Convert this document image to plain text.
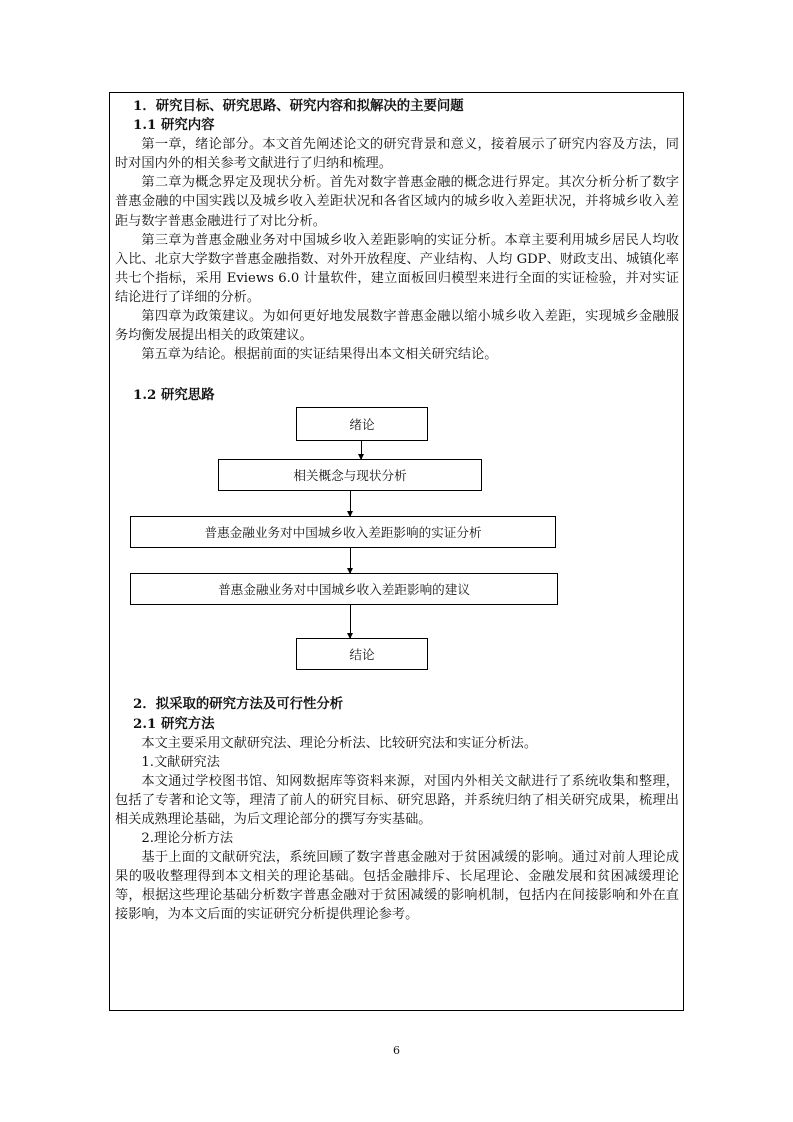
1．研究目标、研究思路、研究内容和拟解决的主要问题
1.1 研究内容

第一章，绪论部分。本文首先阐述论文的研究背景和意义，接着展示了研究内容及方法，同时对国内外的相关参考文献进行了归纳和梳理。

第二章为概念界定及现状分析。首先对数字普惠金融的概念进行界定。其次分析分析了数字普惠金融的中国实践以及城乡收入差距状况和各省区域内的城乡收入差距状况，并将城乡收入差距与数字普惠金融进行了对比分析。

第三章为普惠金融业务对中国城乡收入差距影响的实证分析。本章主要利用城乡居民人均收入比、北京大学数字普惠金融指数、对外开放程度、产业结构、人均 GDP、财政支出、城镇化率共七个指标，采用 Eviews 6.0 计量软件，建立面板回归模型来进行全面的实证检验，并对实证结论进行了详细的分析。

第四章为政策建议。为如何更好地发展数字普惠金融以缩小城乡收入差距，实现城乡金融服务均衡发展提出相关的政策建议。

第五章为结论。根据前面的实证结果得出本文相关研究结论。

1.2 研究思路
绪论
相关概念与现状分析
普惠金融业务对中国城乡收入差距影响的实证分析
普惠金融业务对中国城乡收入差距影响的建议
结论
2．拟采取的研究方法及可行性分析
2.1 研究方法

本文主要采用文献研究法、理论分析法、比较研究法和实证分析法。

1.文献研究法

本文通过学校图书馆、知网数据库等资料来源，对国内外相关文献进行了系统收集和整理，包括了专著和论文等，理清了前人的研究目标、研究思路，并系统归纳了相关研究成果，梳理出相关成熟理论基础，为后文理论部分的撰写夯实基础。

2.理论分析方法

基于上面的文献研究法，系统回顾了数字普惠金融对于贫困减缓的影响。通过对前人理论成果的吸收整理得到本文相关的理论基础。包括金融排斥、长尾理论、金融发展和贫困减缓理论等，根据这些理论基础分析数字普惠金融对于贫困减缓的影响机制，包括内在间接影响和外在直接影响，为本文后面的实证研究分析提供理论参考。

6
